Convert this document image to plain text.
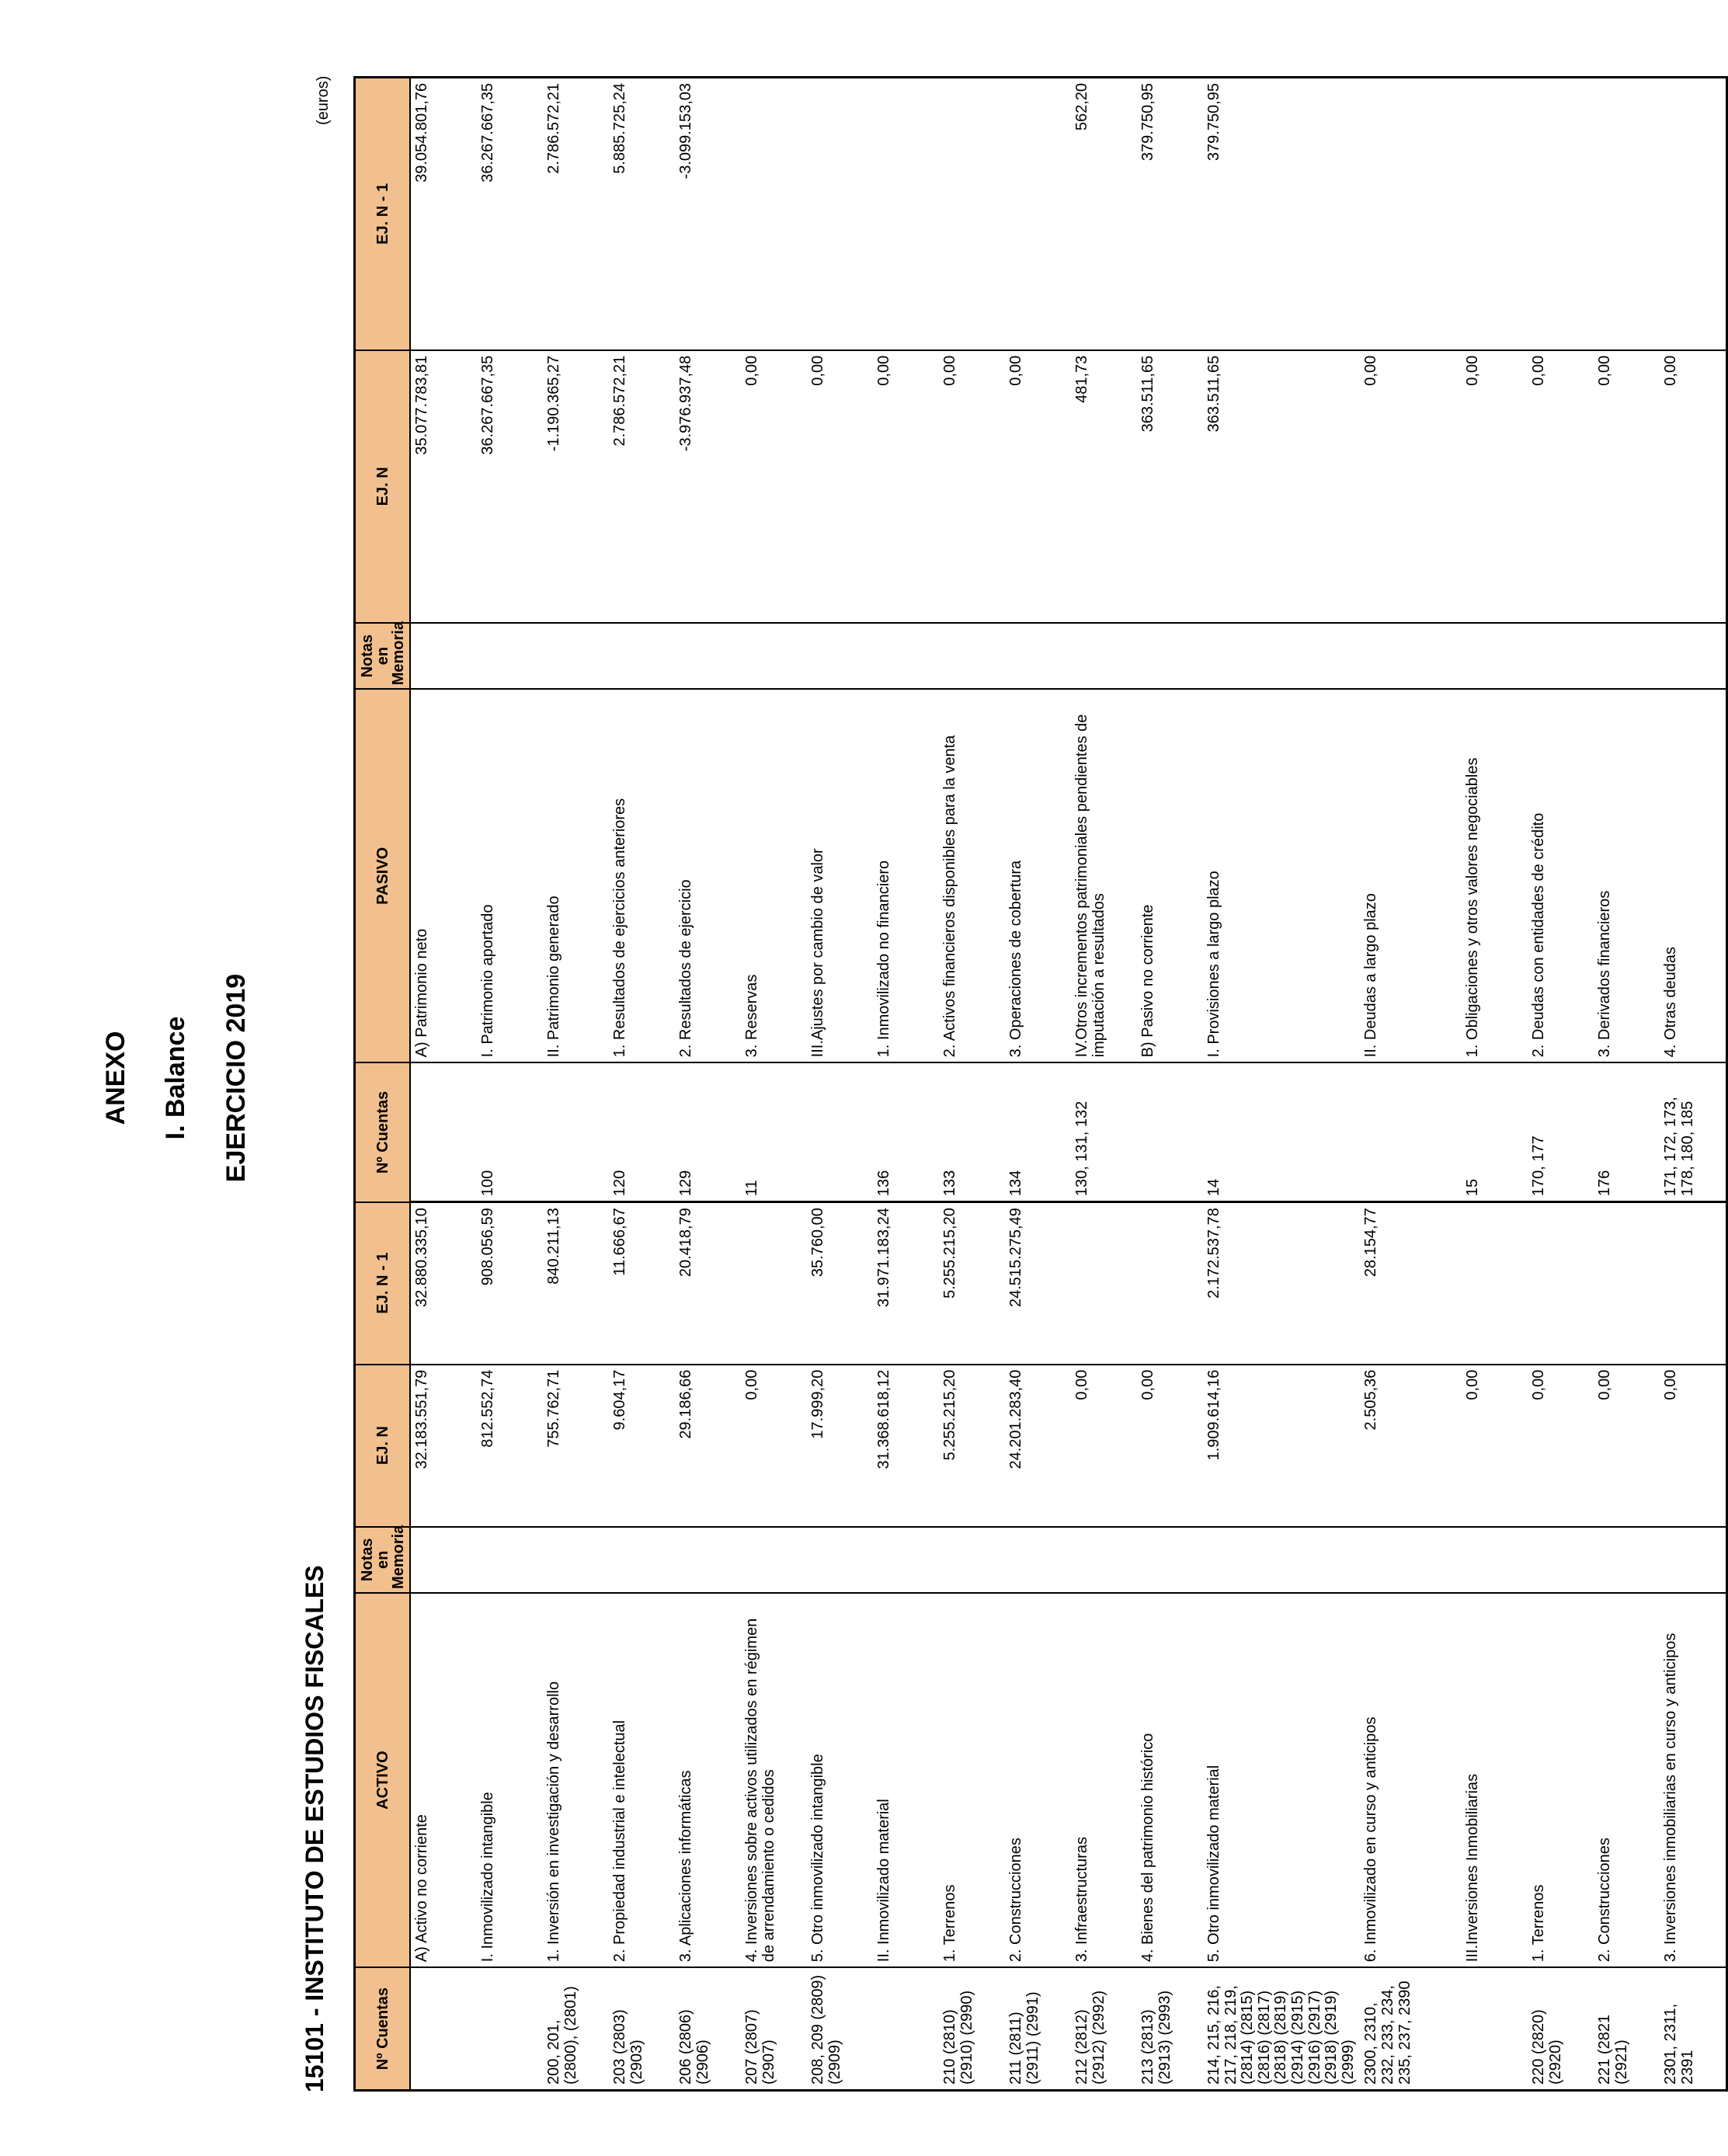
ANEXO I. Balance EJERCICIO 2019
15101 - INSTITUTO DE ESTUDIOS FISCALES
(euros)
Nº Cuentas	ACTIVO	Notas en Memoria	EJ. N	EJ. N - 1	Nº Cuentas	PASIVO	Notas en Memoria	EJ. N	EJ. N - 1
	A) Activo no corriente		32.183.551,79	32.880.335,10		A) Patrimonio neto		35.077.783,81	39.054.801,76
	I. Inmovilizado intangible		812.552,74	908.056,59	100	I. Patrimonio aportado		36.267.667,35	36.267.667,35
200, 201, (2800), (2801)	1. Inversión en investigación y desarrollo		755.762,71	840.211,13		II. Patrimonio generado		-1.190.365,27	2.786.572,21
203 (2803) (2903)	2. Propiedad industrial e intelectual		9.604,17	11.666,67	120	1. Resultados de ejercicios anteriores		2.786.572,21	5.885.725,24
206 (2806) (2906)	3. Aplicaciones informáticas		29.186,66	20.418,79	129	2. Resultados de ejercicio		-3.976.937,48	-3.099.153,03
207 (2807) (2907)	4. Inversiones sobre activos utilizados en régimen de arrendamiento o cedidos		0,00		11	3. Reservas		0,00	
208, 209 (2809) (2909)	5. Otro inmovilizado intangible		17.999,20	35.760,00		III.Ajustes por cambio de valor		0,00	
	II. Inmovilizado material		31.368.618,12	31.971.183,24	136	1. Inmovilizado no financiero		0,00	
210 (2810) (2910) (2990)	1. Terrenos		5.255.215,20	5.255.215,20	133	2. Activos financieros disponibles para la venta		0,00	
211 (2811) (2911) (2991)	2. Construcciones		24.201.283,40	24.515.275,49	134	3. Operaciones de cobertura		0,00	
212 (2812) (2912) (2992)	3. Infraestructuras		0,00		130, 131, 132	IV.Otros incrementos patrimoniales pendientes de imputación a resultados		481,73	562,20
213 (2813) (2913) (2993)	4. Bienes del patrimonio histórico		0,00			B) Pasivo no corriente		363.511,65	379.750,95
214, 215, 216, 217, 218, 219, (2814) (2815) (2816) (2817) (2818) (2819) (2914) (2915) (2916) (2917) (2918) (2919) (2999)	5. Otro inmovilizado material		1.909.614,16	2.172.537,78	14	I. Provisiones a largo plazo		363.511,65	379.750,95
2300, 2310, 232, 233, 234, 235, 237, 2390	6. Inmovilizado en curso y anticipos		2.505,36	28.154,77		II. Deudas a largo plazo		0,00	
	III.Inversiones Inmobiliarias		0,00		15	1. Obligaciones y otros valores negociables		0,00	
220 (2820) (2920)	1. Terrenos		0,00		170, 177	2. Deudas con entidades de crédito		0,00	
221 (2821 (2921)	2. Construcciones		0,00		176	3. Derivados financieros		0,00	
2301, 2311, 2391	3. Inversiones inmobiliarias en curso y anticipos		0,00		171, 172, 173, 178, 180, 185	4. Otras deudas		0,00	
